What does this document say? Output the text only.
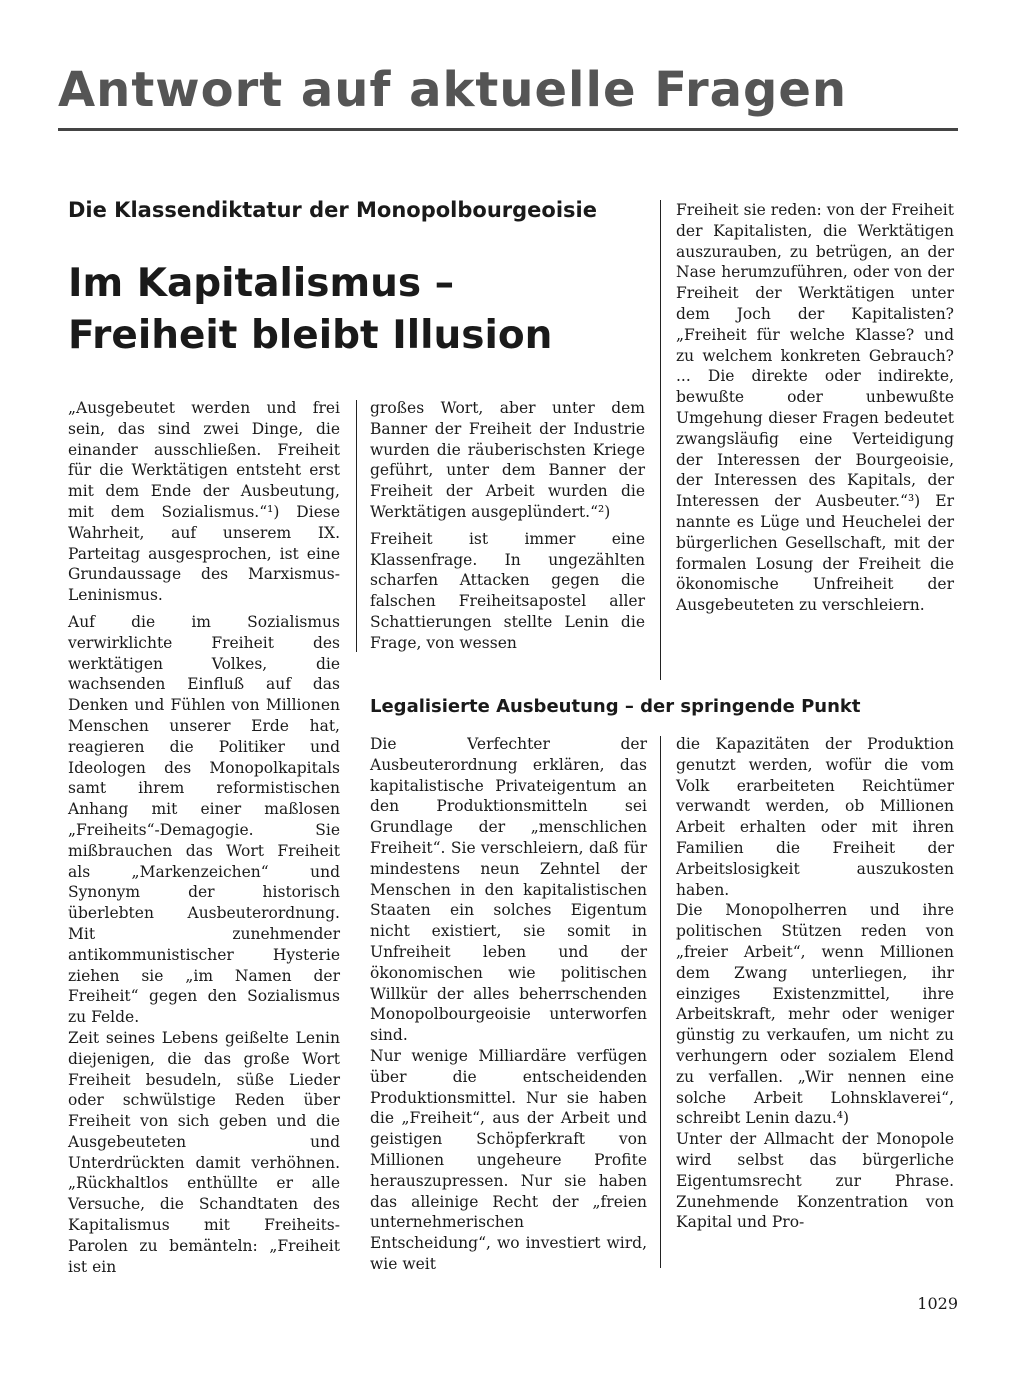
Antwort auf aktuelle Fragen
Die Klassendiktatur der Monopolbourgeoisie
Im Kapitalismus –
Freiheit bleibt Illusion

„Ausgebeutet werden und frei sein, das sind zwei Dinge, die einander ausschließen. Freiheit für die Werktätigen entsteht erst mit dem Ende der Ausbeutung, mit dem Sozialismus.“¹) Diese Wahrheit, auf unserem IX. Parteitag ausgesprochen, ist eine Grundaussage des Marxismus-Leninismus.

Auf die im Sozialismus verwirklichte Freiheit des werktätigen Volkes, die wachsenden Einfluß auf das Denken und Fühlen von Millionen Menschen unserer Erde hat, reagieren die Politiker und Ideologen des Monopolkapitals samt ihrem reformistischen Anhang mit einer maßlosen „Freiheits“-Demagogie. Sie mißbrauchen das Wort Freiheit als „Markenzeichen“ und Synonym der historisch überlebten Ausbeuterordnung. Mit zunehmender antikommunistischer Hysterie ziehen sie „im Namen der Freiheit“ gegen den Sozialismus zu Felde.

Zeit seines Lebens geißelte Lenin diejenigen, die das große Wort Freiheit besudeln, süße Lieder oder schwülstige Reden über Freiheit von sich geben und die Ausgebeuteten und Unterdrückten damit verhöhnen. „Rückhaltlos enthüllte er alle Versuche, die Schandtaten des Kapitalismus mit Freiheits-Parolen zu bemänteln: „Freiheit ist ein

großes Wort, aber unter dem Banner der Freiheit der Industrie wurden die räuberischsten Kriege geführt, unter dem Banner der Freiheit der Arbeit wurden die Werktätigen ausgeplündert.“²)

Freiheit ist immer eine Klassenfrage. In ungezählten scharfen Attacken gegen die falschen Freiheitsapostel aller Schattierungen stellte Lenin die Frage, von wessen

Freiheit sie reden: von der Freiheit der Kapitalisten, die Werktätigen auszurauben, zu betrügen, an der Nase herumzuführen, oder von der Freiheit der Werktätigen unter dem Joch der Kapitalisten? „Freiheit für welche Klasse? und zu welchem konkreten Gebrauch? ... Die direkte oder indirekte, bewußte oder unbewußte Umgehung dieser Fragen bedeutet zwangsläufig eine Verteidigung der Interessen der Bourgeoisie, der Interessen des Kapitals, der Interessen der Ausbeuter.“³) Er nannte es Lüge und Heuchelei der bürgerlichen Gesellschaft, mit der formalen Losung der Freiheit die ökonomische Unfreiheit der Ausgebeuteten zu verschleiern.

Legalisierte Ausbeutung – der springende Punkt

Die Verfechter der Ausbeuterordnung erklären, das kapitalistische Privateigentum an den Produktionsmitteln sei Grundlage der „menschlichen Freiheit“. Sie verschleiern, daß für mindestens neun Zehntel der Menschen in den kapitalistischen Staaten ein solches Eigentum nicht existiert, sie somit in Unfreiheit leben und der ökonomischen wie politischen Willkür der alles beherrschenden Monopolbourgeoisie unterworfen sind.

Nur wenige Milliardäre verfügen über die entscheidenden Produktionsmittel. Nur sie haben die „Freiheit“, aus der Arbeit und geistigen Schöpferkraft von Millionen ungeheure Profite herauszupressen. Nur sie haben das alleinige Recht der „freien unternehmerischen Entscheidung“, wo investiert wird, wie weit

die Kapazitäten der Produktion genutzt werden, wofür die vom Volk erarbeiteten Reichtümer verwandt werden, ob Millionen Arbeit erhalten oder mit ihren Familien die Freiheit der Arbeitslosigkeit auszukosten haben.

Die Monopolherren und ihre politischen Stützen reden von „freier Arbeit“, wenn Millionen dem Zwang unterliegen, ihr einziges Existenzmittel, ihre Arbeitskraft, mehr oder weniger günstig zu verkaufen, um nicht zu verhungern oder sozialem Elend zu verfallen. „Wir nennen eine solche Arbeit Lohnsklaverei“, schreibt Lenin dazu.⁴)

Unter der Allmacht der Monopole wird selbst das bürgerliche Eigentumsrecht zur Phrase. Zunehmende Konzentration von Kapital und Pro-

1029
